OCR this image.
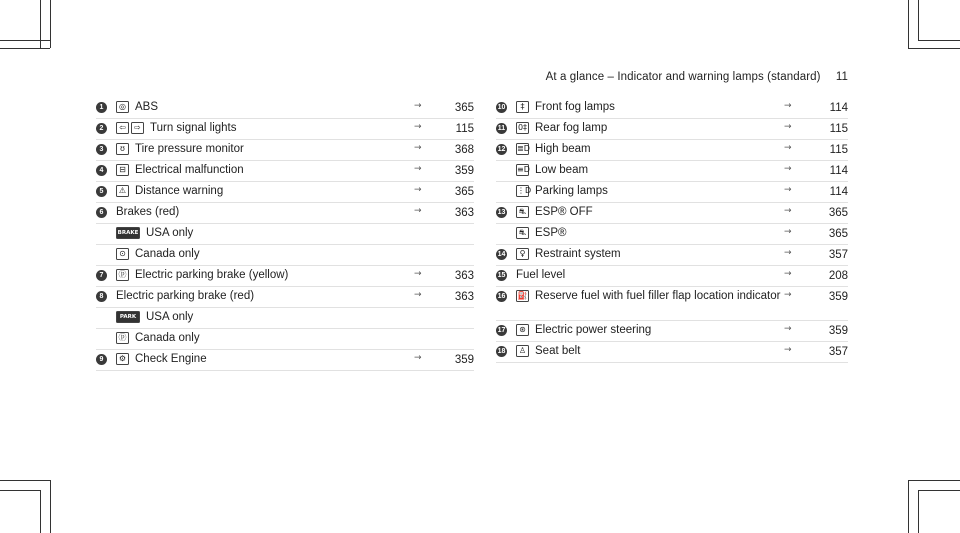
At a glance – Indicator and warning lamps (standard) 11
1	◎ ABS	→	365
2	⇦	⇨ Turn signal lights	→	115
3	ʊ Tire pressure monitor	→	368
4	⊟ Electrical malfunction	→	359
5	⚠ Distance warning	→	365
6	Brakes (red)	→	363
BRAKE USA only
⊙ Canada only
7	ⓟ Electric parking brake (yellow)	→	363
8	Electric parking brake (red)	→	363
PARK USA only
ⓟ Canada only
9	⚙ Check Engine	→	359
10	‡ Front fog lamps	→	114
11 0‡ Rear fog lamp	→	115
12 ≣D High beam	→	115
≡D Low beam	→	114
⋮D Parking lamps	→	114
13	⛐ ESP® OFF	→	365
⛐ ESP®	→	365
14	♀ Restraint system	→	357
15 Fuel level	→	208
16 ⛽ Reserve fuel with fuel filler flap location indicator →	359
17	⊛ Electric power steering	→	359
18	♙ Seat belt	→	357
